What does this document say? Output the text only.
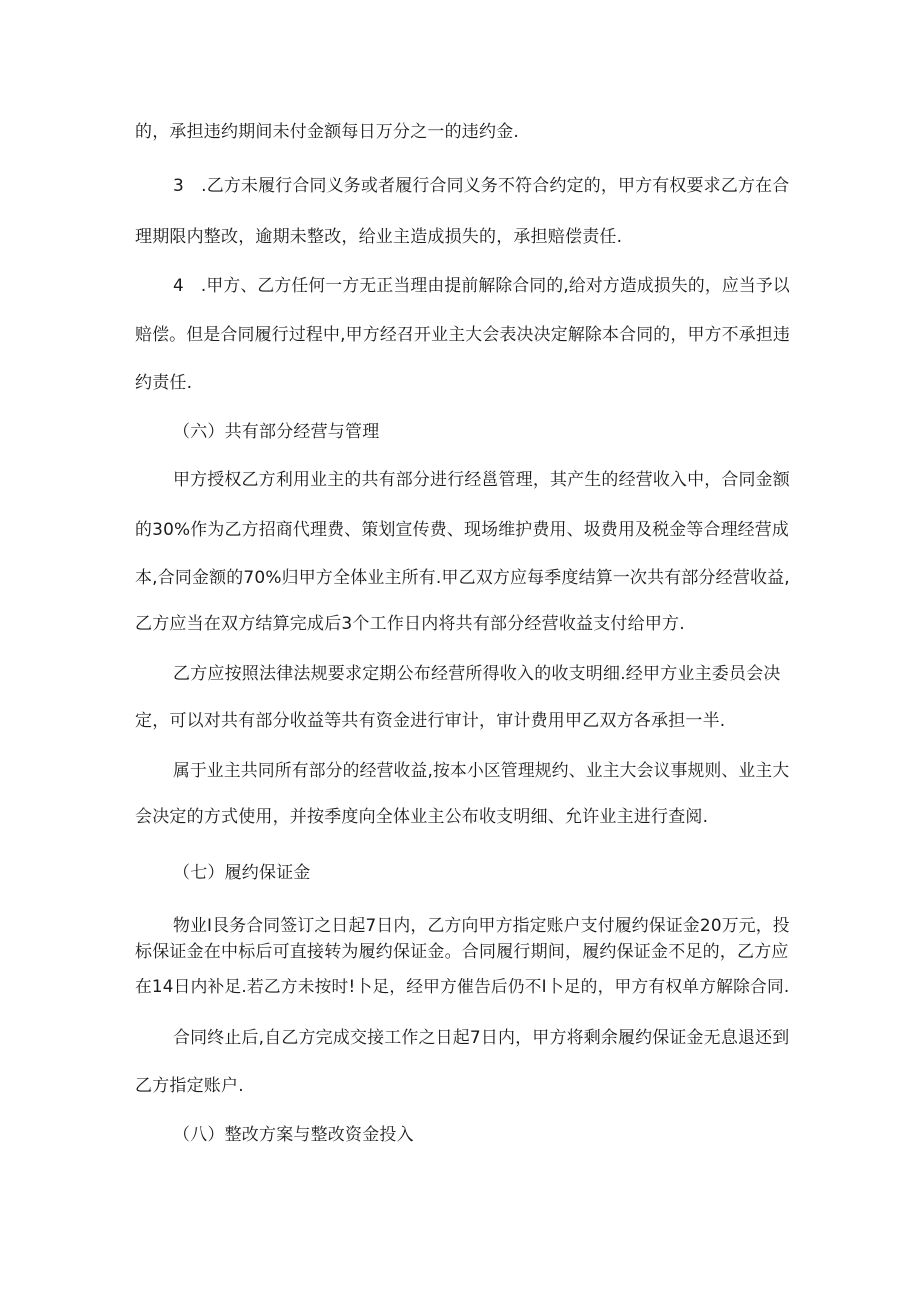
的，承担违约期间未付金额每日万分之一的违约金.
3　.乙方未履行合同义务或者履行合同义务不符合约定的，甲方有权要求乙方在合
理期限内整改，逾期未整改，给业主造成损失的，承担赔偿责任.
4　.甲方、乙方任何一方无正当理由提前解除合同的,给对方造成损失的，应当予以
赔偿。但是合同履行过程中,甲方经召开业主大会表决决定解除本合同的，甲方不承担违
约责任.
（六）共有部分经营与管理
甲方授权乙方利用业主的共有部分进行经邕管理，其产生的经营收入中，合同金额
的30%作为乙方招商代理费、策划宣传费、现场维护费用、圾费用及税金等合理经营成
本,合同金额的70%归甲方全体业主所有.甲乙双方应每季度结算一次共有部分经营收益,
乙方应当在双方结算完成后3个工作日内将共有部分经营收益支付给甲方.
乙方应按照法律法规要求定期公布经营所得收入的收支明细.经甲方业主委员会决
定，可以对共有部分收益等共有资金进行审计，审计费用甲乙双方各承担一半.
属于业主共同所有部分的经营收益,按本小区管理规约、业主大会议事规则、业主大
会决定的方式使用，并按季度向全体业主公布收支明细、允许业主进行查阅.
（七）履约保证金
物业I艮务合同签订之日起7日内，乙方向甲方指定账户支付履约保证金20万元，投
标保证金在中标后可直接转为履约保证金。合同履行期间，履约保证金不足的，乙方应
在14日内补足.若乙方未按时!卜足，经甲方催告后仍不I卜足的，甲方有权单方解除合同.
合同终止后,自乙方完成交接工作之日起7日内，甲方将剩余履约保证金无息退还到
乙方指定账户.
（八）整改方案与整改资金投入
